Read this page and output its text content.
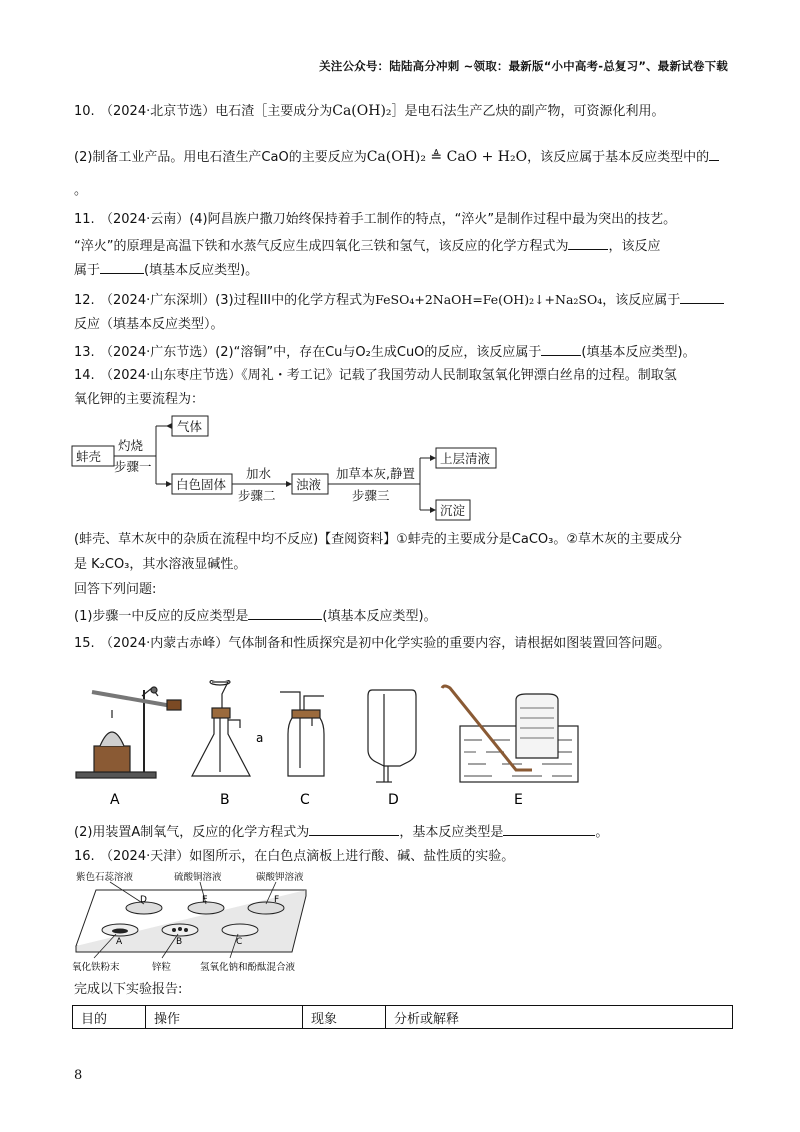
关注公众号：陆陆高分冲刺 ~领取：最新版“小中高考-总复习”、最新试卷下载
10. （2024·北京节选）电石渣［主要成分为Ca(OH)₂］是电石法生产乙炔的副产物，可资源化利用。
(2)制备工业产品。用电石渣生产CaO的主要反应为Ca(OH)₂ ≜ CaO + H₂O，该反应属于基本反应类型中的
。
11. （2024·云南）(4)阿昌族户撒刀始终保持着手工制作的特点，“淬火”是制作过程中最为突出的技艺。
“淬火”的原理是高温下铁和水蒸气反应生成四氧化三铁和氢气，该反应的化学方程式为	，该反应
属于	(填基本反应类型)。
12. （2024·广东深圳）(3)过程III中的化学方程式为FeSO₄+2NaOH=Fe(OH)₂↓+Na₂SO₄，该反应属于
反应（填基本反应类型）。
13. （2024·广东节选）(2)“溶铜”中，存在Cu与O₂生成CuO的反应，该反应属于	(填基本反应类型)。
14. （2024·山东枣庄节选）《周礼・考工记》记载了我国劳动人民制取氢氧化钾漂白丝帛的过程。制取氢
氧化钾的主要流程为：
蚌壳
灼烧
步骤一
气体
白色固体
加水
步骤二
浊液
加草本灰,静置
步骤三
上层清液
沉淀
(蚌壳、草木灰中的杂质在流程中均不反应)【查阅资料】①蚌壳的主要成分是CaCO₃。②草木灰的主要成分
是 K₂CO₃，其水溶液显碱性。
回答下列问题:
(1)步骤一中反应的反应类型是	(填基本反应类型)。
15. （2024·内蒙古赤峰）气体制备和性质探究是初中化学实验的重要内容，请根据如图装置回答问题。
a
A	B	C	D	E
(2)用装置A制氧气，反应的化学方程式为	，基本反应类型是	。
16. （2024·天津）如图所示，在白色点滴板上进行酸、碱、盐性质的实验。
紫色石蕊溶液	硫酸铜溶液	碳酸钾溶液
D	E	F
A	B	C
氧化铁粉末	锌粒	氢氧化钠和酚酞混合液
完成以下实验报告:
目的	操作	现象	分析或解释
8
